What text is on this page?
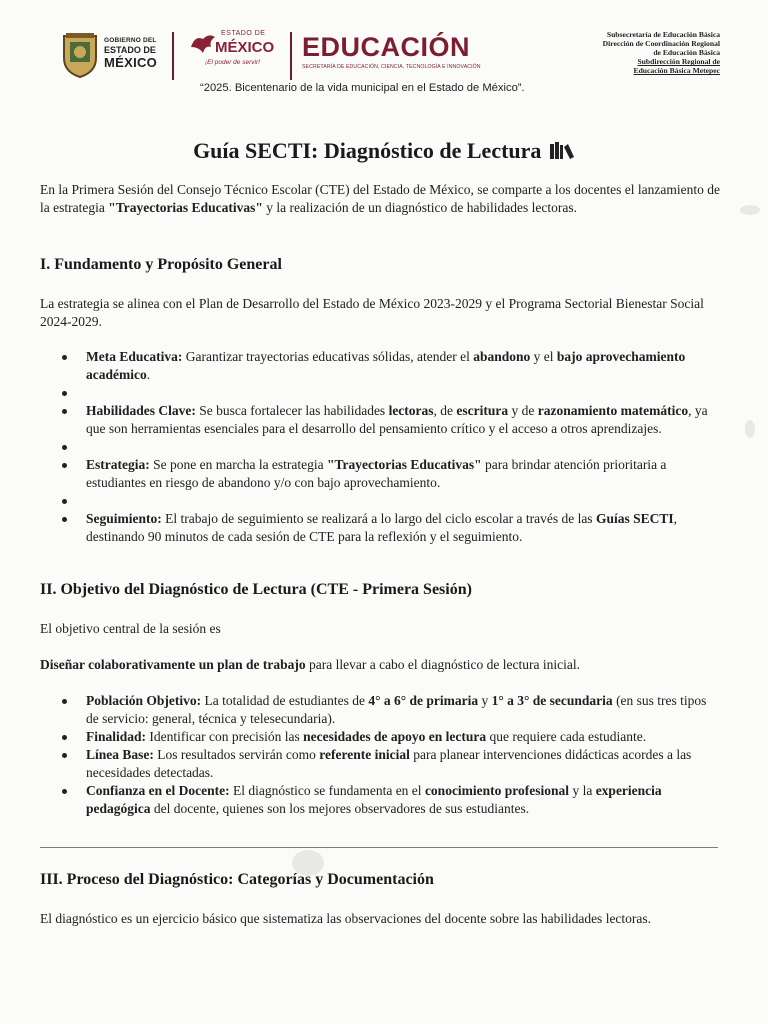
GOBIERNO DEL
ESTADO DE
MÉXICO
ESTADO DE
MÉXICO
¡El poder de servir!
EDUCACIÓN
SECRETARÍA DE EDUCACIÓN, CIENCIA, TECNOLOGÍA E INNOVACIÓN
Subsecretaría de Educación Básica
Dirección de Coordinación Regional
de Educación Básica
Subdirección Regional de
Educación Básica Metepec
“2025. Bicentenario de la vida municipal en el Estado de México”.
Guía SECTI: Diagnóstico de Lectura
En la Primera Sesión del Consejo Técnico Escolar (CTE) del Estado de México, se comparte a los docentes el lanzamiento de la estrategia "Trayectorias Educativas" y la realización de un diagnóstico de habilidades lectoras.
I. Fundamento y Propósito General
La estrategia se alinea con el Plan de Desarrollo del Estado de México 2023-2029 y el Programa Sectorial Bienestar Social 2024-2029.
Meta Educativa: Garantizar trayectorias educativas sólidas, atender el abandono y el bajo aprovechamiento académico.

Habilidades Clave: Se busca fortalecer las habilidades lectoras, de escritura y de razonamiento matemático, ya que son herramientas esenciales para el desarrollo del pensamiento crítico y el acceso a otros aprendizajes.

Estrategia: Se pone en marcha la estrategia "Trayectorias Educativas" para brindar atención prioritaria a estudiantes en riesgo de abandono y/o con bajo aprovechamiento.

Seguimiento: El trabajo de seguimiento se realizará a lo largo del ciclo escolar a través de las Guías SECTI, destinando 90 minutos de cada sesión de CTE para la reflexión y el seguimiento.
II. Objetivo del Diagnóstico de Lectura (CTE - Primera Sesión)
El objetivo central de la sesión es
Diseñar colaborativamente un plan de trabajo para llevar a cabo el diagnóstico de lectura inicial.
Población Objetivo: La totalidad de estudiantes de 4° a 6° de primaria y 1° a 3° de secundaria (en sus tres tipos de servicio: general, técnica y telesecundaria).
Finalidad: Identificar con precisión las necesidades de apoyo en lectura que requiere cada estudiante.
Línea Base: Los resultados servirán como referente inicial para planear intervenciones didácticas acordes a las necesidades detectadas.
Confianza en el Docente: El diagnóstico se fundamenta en el conocimiento profesional y la experiencia pedagógica del docente, quienes son los mejores observadores de sus estudiantes.
III. Proceso del Diagnóstico: Categorías y Documentación
El diagnóstico es un ejercicio básico que sistematiza las observaciones del docente sobre las habilidades lectoras.
